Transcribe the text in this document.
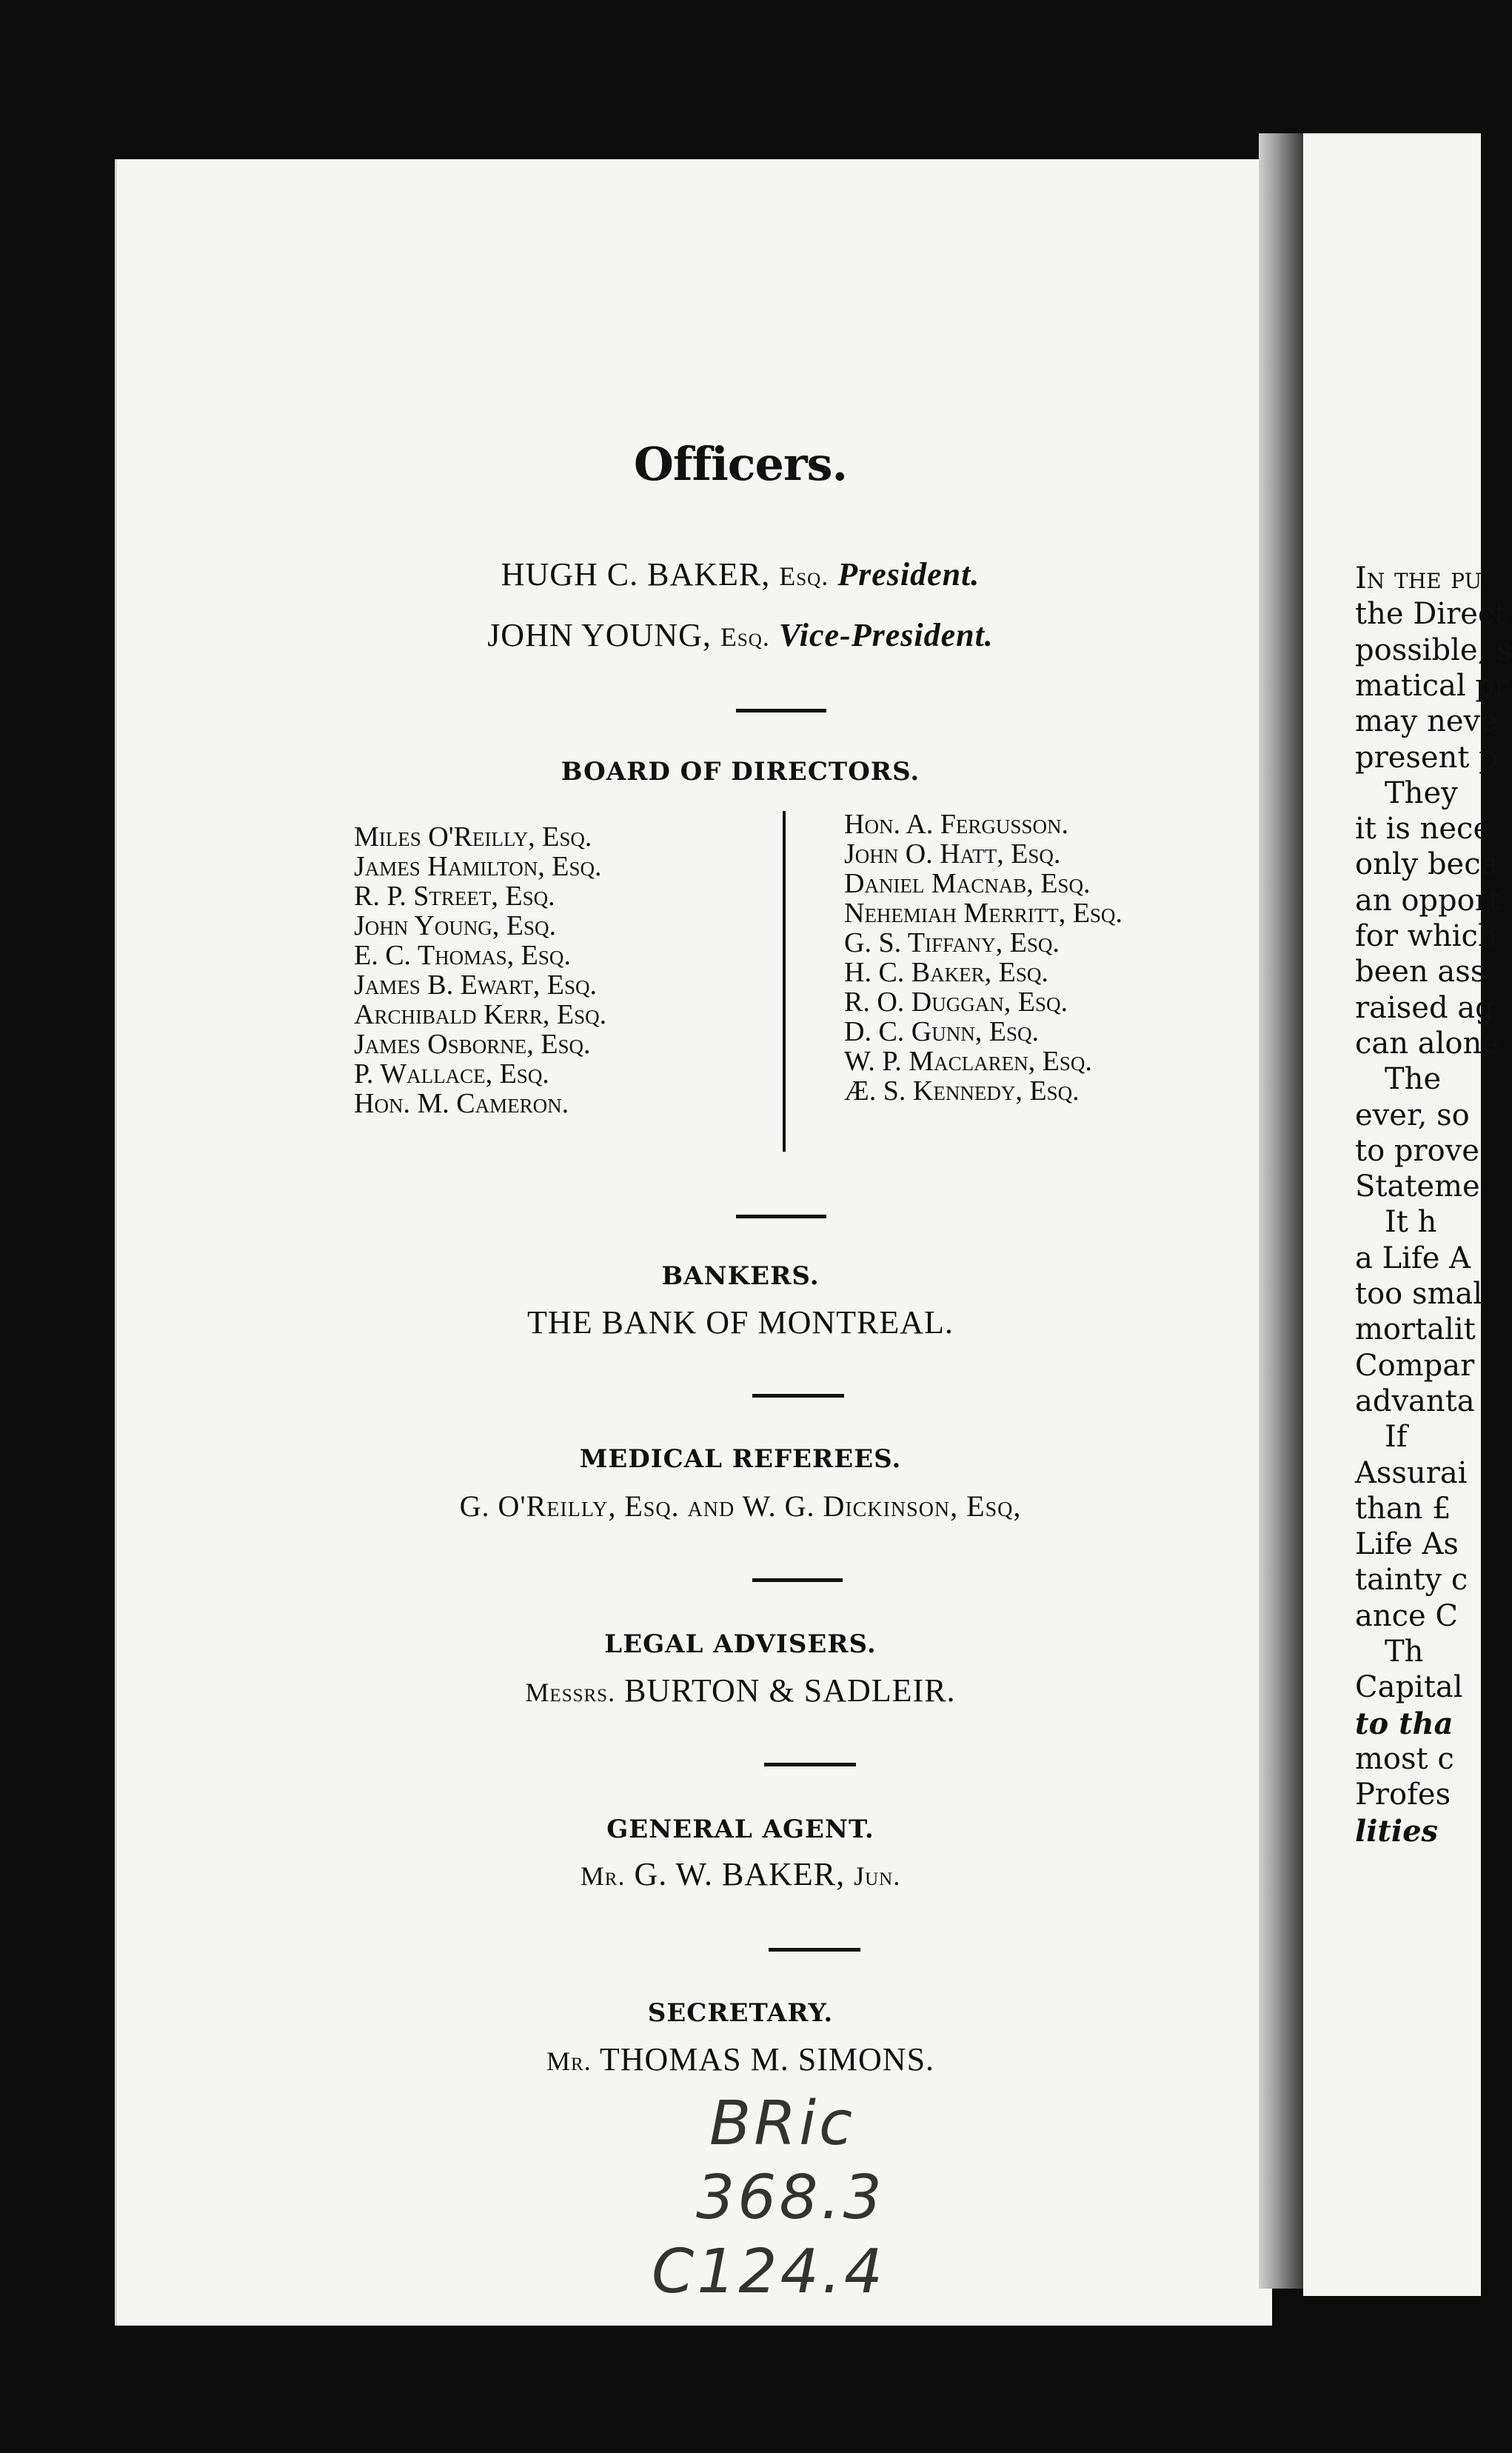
In the pu
the Direct
possible, s
matical pr
may neve
present p
They
it is nece
only beca
an opport
for which
been ass
raised ag
can alone
The
ever, so
to prove
Stateme
It h
a Life A
too smal
mortalit
Compar
advanta
If
Assurai
than £
Life As
tainty c
ance C
Th
Capital
to tha
most c
Profes
lities
Officers.
HUGH C. BAKER, Esq. President.
JOHN YOUNG, Esq. Vice-President.
BOARD OF DIRECTORS.
Miles O'Reilly, Esq.
James Hamilton, Esq.
R. P. Street, Esq.
John Young, Esq.
E. C. Thomas, Esq.
James B. Ewart, Esq.
Archibald Kerr, Esq.
James Osborne, Esq.
P. Wallace, Esq.
Hon. M. Cameron.
Hon. A. Fergusson.
John O. Hatt, Esq.
Daniel Macnab, Esq.
Nehemiah Merritt, Esq.
G. S. Tiffany, Esq.
H. C. Baker, Esq.
R. O. Duggan, Esq.
D. C. Gunn, Esq.
W. P. Maclaren, Esq.
Æ. S. Kennedy, Esq.
BANKERS.
THE BANK OF MONTREAL.
MEDICAL REFEREES.
G. O'Reilly, Esq. and W. G. Dickinson, Esq,
LEGAL ADVISERS.
Messrs. BURTON & SADLEIR.
GENERAL AGENT.
Mr. G. W. BAKER, Jun.
SECRETARY.
Mr. THOMAS M. SIMONS.
BRic
368.3
C124.4
